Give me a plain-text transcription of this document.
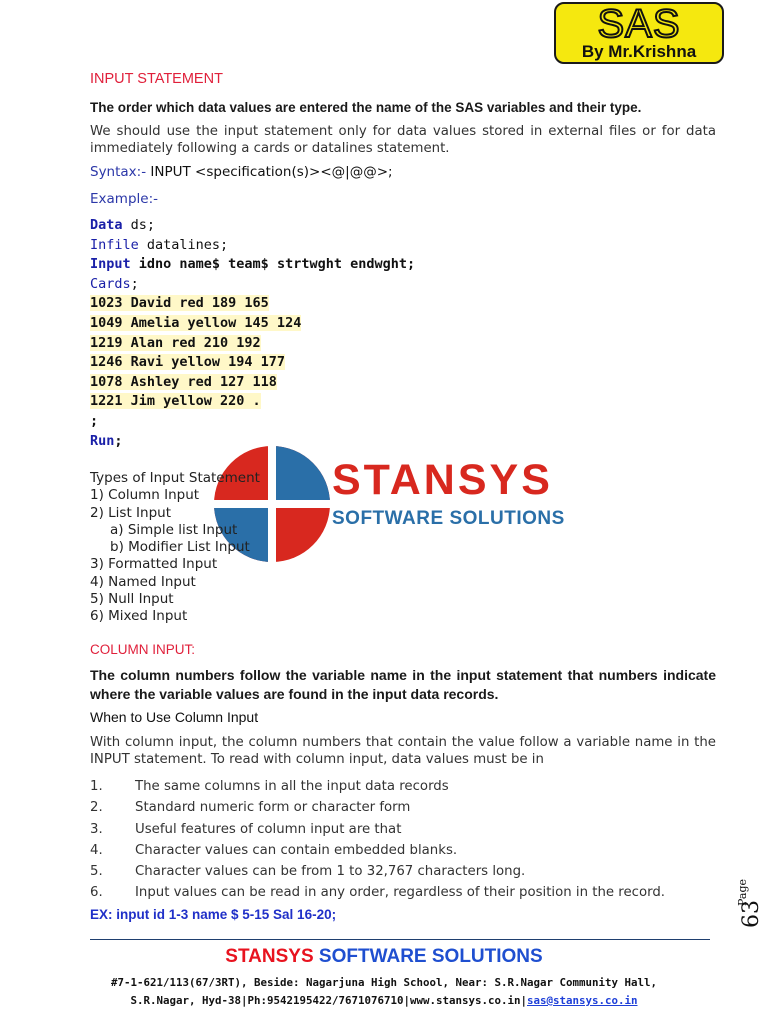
SAS
By Mr.Krishna
INPUT STATEMENT
The order which data values are entered the name of the SAS variables and their type.
We should use the input statement only for data values stored in external files or for data immediately following a cards or datalines statement.
Syntax:- INPUT <specification(s)><@|@@>;
Example:-
Data ds;
Infile datalines;
Input idno name$ team$ strtwght endwght;
Cards;
1023 David red 189 165
1049 Amelia yellow 145 124
1219 Alan red 210 192
1246 Ravi yellow 194 177
1078 Ashley red 127 118
1221 Jim yellow 220 .
;
Run;
STANSYS
SOFTWARE SOLUTIONS
Types of Input Statement
1) Column Input
2) List Input
a) Simple list Input
b) Modifier List Input
3) Formatted Input
4) Named Input
5) Null Input
6) Mixed Input
COLUMN INPUT:
The column numbers follow the variable name in the input statement that numbers indicate where the variable values are found in the input data records.
When to Use Column Input
With column input, the column numbers that contain the value follow a variable name in the INPUT statement. To read with column input, data values must be in
1.	The same columns in all the input data records
2.	Standard numeric form or character form
3.	Useful features of column input are that
4.	Character values can contain embedded blanks.
5.	Character values can be from 1 to 32,767 characters long.
6.	Input values can be read in any order, regardless of their position in the record.
EX: input id 1-3 name $ 5-15 Sal 16-20;
Page
63
STANSYS SOFTWARE SOLUTIONS
#7-1-621/113(67/3RT), Beside: Nagarjuna High School, Near: S.R.Nagar Community Hall,
S.R.Nagar, Hyd-38|Ph:9542195422/7671076710|www.stansys.co.in|sas@stansys.co.in
